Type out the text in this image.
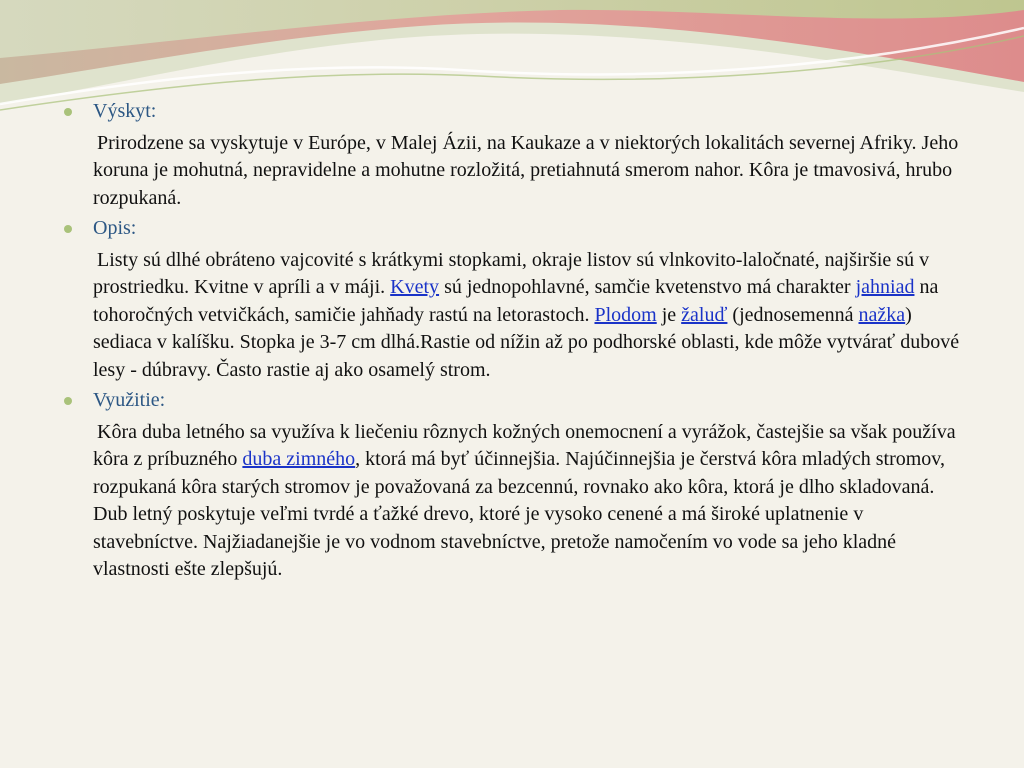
Výskyt:

Prirodzene sa vyskytuje v Európe, v Malej Ázii, na Kaukaze a v niektorých lokalitách severnej Afriky. Jeho koruna je mohutná, nepravidelne a mohutne rozložitá, pretiahnutá smerom nahor. Kôra je tmavosivá, hrubo rozpukaná.

Opis:

Listy sú dlhé obráteno vajcovité s krátkymi stopkami, okraje listov sú vlnkovito-laločnaté, najširšie sú v prostriedku. Kvitne v apríli a v máji. Kvety sú jednopohlavné, samčie kvetenstvo má charakter jahniad na tohoročných vetvičkách, samičie jahňady rastú na letorastoch. Plodom je žaluď (jednosemenná nažka) sediaca v kalíšku. Stopka je 3-7 cm dlhá.Rastie od nížin až po podhorské oblasti, kde môže vytvárať dubové lesy - dúbravy. Často rastie aj ako osamelý strom.

Využitie:

Kôra duba letného sa využíva k liečeniu rôznych kožných onemocnení a vyrážok, častejšie sa však používa kôra z príbuzného duba zimného, ktorá má byť účinnejšia. Najúčinnejšia je čerstvá kôra mladých stromov, rozpukaná kôra starých stromov je považovaná za bezcennú, rovnako ako kôra, ktorá je dlho skladovaná. Dub letný poskytuje veľmi tvrdé a ťažké drevo, ktoré je vysoko cenené a má široké uplatnenie v stavebníctve. Najžiadanejšie je vo vodnom stavebníctve, pretože namočením vo vode sa jeho kladné vlastnosti ešte zlepšujú.
